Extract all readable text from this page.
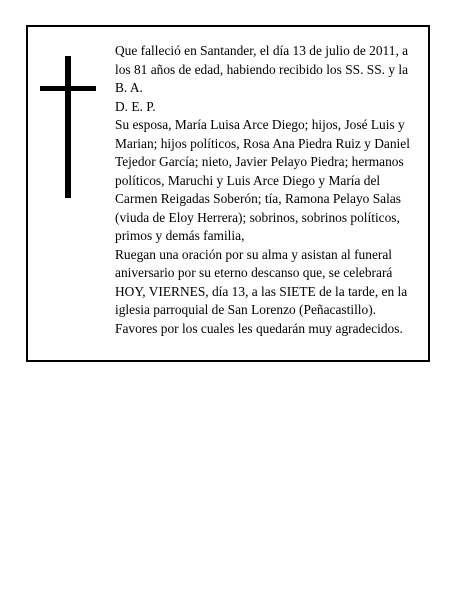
Que falleció en Santander, el día 13 de julio de 2011, a los 81 años de edad, habiendo recibido los SS. SS. y la B. A.

D. E. P.

Su esposa, María Luisa Arce Diego; hijos, José Luis y Marian; hijos políticos, Rosa Ana Piedra Ruiz y Daniel Tejedor García; nieto, Javier Pelayo Piedra; hermanos políticos, Maruchi y Luis Arce Diego y María del Carmen Reigadas Soberón; tía, Ramona Pelayo Salas (viuda de Eloy Herrera); sobrinos, sobrinos políticos, primos y demás familia,

Ruegan una oración por su alma y asistan al funeral aniversario por su eterno descanso que, se celebrará HOY, VIERNES, día 13, a las SIETE de la tarde, en la iglesia parroquial de San Lorenzo (Peñacastillo).

Favores por los cuales les quedarán muy agradecidos.
